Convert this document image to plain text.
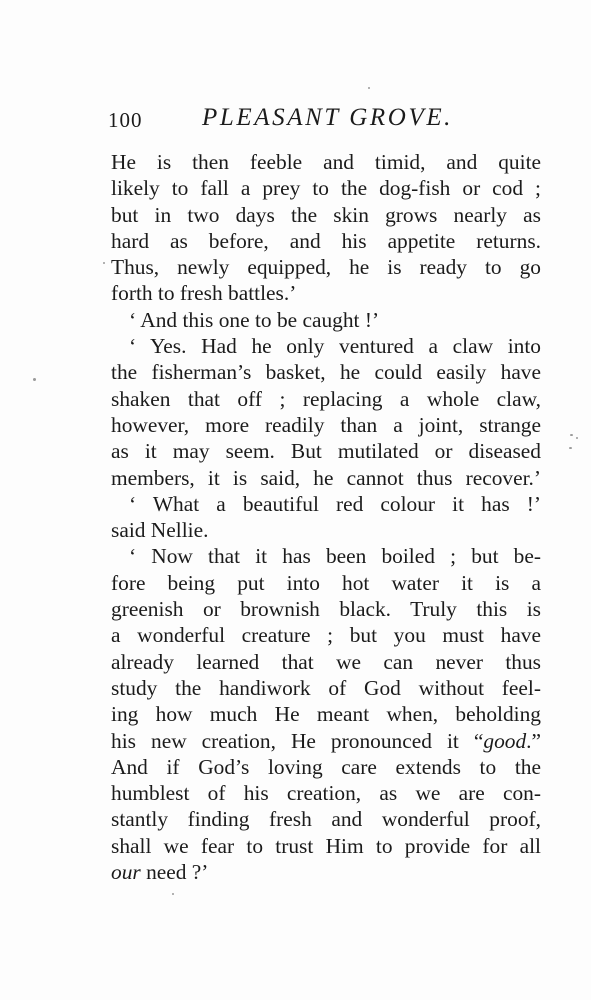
100 PLEASANT GROVE.
He is then feeble and timid, and quite
likely to fall a prey to the dog-fish or cod ;
but in two days the skin grows nearly as
hard as before, and his appetite returns.
Thus, newly equipped, he is ready to go
forth to fresh battles.’
‘ And this one to be caught !’
‘ Yes. Had he only ventured a claw into
the fisherman’s basket, he could easily have
shaken that off ; replacing a whole claw,
however, more readily than a joint, strange
as it may seem. But mutilated or diseased
members, it is said, he cannot thus recover.’
‘ What a beautiful red colour it has !’
said Nellie.
‘ Now that it has been boiled ; but be-
fore being put into hot water it is a
greenish or brownish black. Truly this is
a wonderful creature ; but you must have
already learned that we can never thus
study the handiwork of God without feel-
ing how much He meant when, beholding
his new creation, He pronounced it “good.”
And if God’s loving care extends to the
humblest of his creation, as we are con-
stantly finding fresh and wonderful proof,
shall we fear to trust Him to provide for all
our need ?’
